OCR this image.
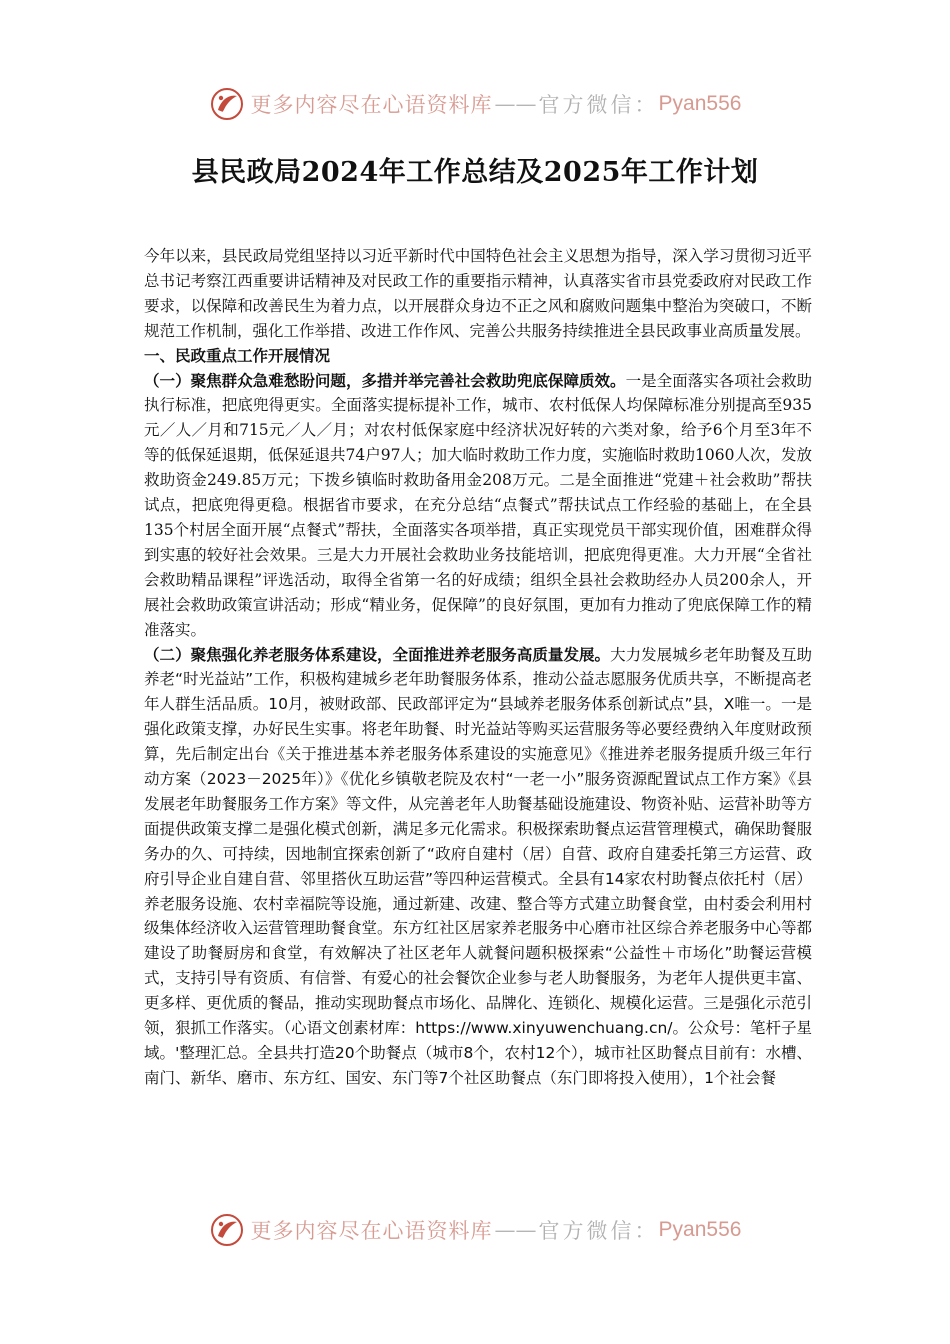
更多内容尽在心语资料库 —— 官方微信： Pyan556
县民政局2024年工作总结及2025年工作计划

今年以来，县民政局党组坚持以习近平新时代中国特色社会主义思想为指导，深入学习贯彻习近平总书记考察江西重要讲话精神及对民政工作的重要指示精神，认真落实省市县党委政府对民政工作要求，以保障和改善民生为着力点，以开展群众身边不正之风和腐败问题集中整治为突破口，不断规范工作机制，强化工作举措、改进工作作风、完善公共服务持续推进全县民政事业高质量发展。

一、民政重点工作开展情况

（一）聚焦群众急难愁盼问题，多措并举完善社会救助兜底保障质效。一是全面落实各项社会救助执行标准，把底兜得更实。全面落实提标提补工作，城市、农村低保人均保障标准分别提高至935元／人／月和715元／人／月；对农村低保家庭中经济状况好转的六类对象，给予6个月至3年不等的低保延退期，低保延退共74户97人；加大临时救助工作力度，实施临时救助1060人次，发放救助资金249.85万元；下拨乡镇临时救助备用金208万元。二是全面推进“党建＋社会救助”帮扶试点，把底兜得更稳。根据省市要求，在充分总结“点餐式”帮扶试点工作经验的基础上，在全县135个村居全面开展“点餐式”帮扶，全面落实各项举措，真正实现党员干部实现价值，困难群众得到实惠的较好社会效果。三是大力开展社会救助业务技能培训，把底兜得更准。大力开展“全省社会救助精品课程”评选活动，取得全省第一名的好成绩；组织全县社会救助经办人员200余人，开展社会救助政策宣讲活动；形成“精业务，促保障”的良好氛围，更加有力推动了兜底保障工作的精准落实。

（二）聚焦强化养老服务体系建设，全面推进养老服务高质量发展。大力发展城乡老年助餐及互助养老“时光益站”工作，积极构建城乡老年助餐服务体系，推动公益志愿服务优质共享，不断提高老年人群生活品质。10月，被财政部、民政部评定为“县域养老服务体系创新试点”县，X唯一。一是强化政策支撑，办好民生实事。将老年助餐、时光益站等购买运营服务等必要经费纳入年度财政预算，先后制定出台《关于推进基本养老服务体系建设的实施意见》《推进养老服务提质升级三年行动方案（2023－2025年）》《优化乡镇敬老院及农村“一老一小”服务资源配置试点工作方案》《县发展老年助餐服务工作方案》等文件，从完善老年人助餐基础设施建设、物资补贴、运营补助等方面提供政策支撑二是强化模式创新，满足多元化需求。积极探索助餐点运营管理模式，确保助餐服务办的久、可持续，因地制宜探索创新了“政府自建村（居）自营、政府自建委托第三方运营、政府引导企业自建自营、邻里搭伙互助运营”等四种运营模式。全县有14家农村助餐点依托村（居）养老服务设施、农村幸福院等设施，通过新建、改建、整合等方式建立助餐食堂，由村委会利用村级集体经济收入运营管理助餐食堂。东方红社区居家养老服务中心磨市社区综合养老服务中心等都建设了助餐厨房和食堂，有效解决了社区老年人就餐问题积极探索“公益性＋市场化”助餐运营模式，支持引导有资质、有信誉、有爱心的社会餐饮企业参与老人助餐服务，为老年人提供更丰富、更多样、更优质的餐品，推动实现助餐点市场化、品牌化、连锁化、规模化运营。三是强化示范引领，狠抓工作落实。（心语文创素材库：https://www.xinyuwenchuang.cn/。公众号：笔杆子星域。'整理汇总。全县共打造20个助餐点（城市8个，农村12个），城市社区助餐点目前有：水槽、南门、新华、磨市、东方红、国安、东门等7个社区助餐点（东门即将投入使用），1个社会餐

更多内容尽在心语资料库 —— 官方微信： Pyan556
